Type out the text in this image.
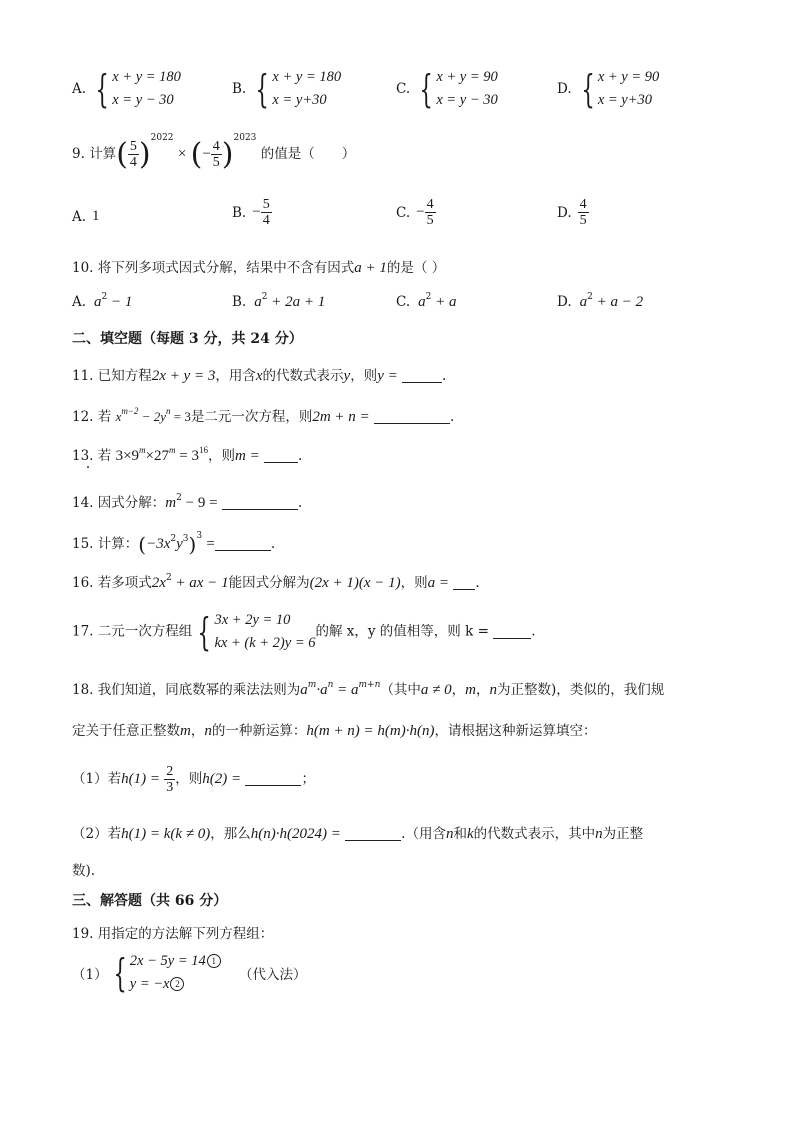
A. { x + y = 180
x = y − 30
B. { x + y = 180
x = y+30
C. { x + y = 90
x = y − 30
D. { x + y = 90
x = y+30
9. 计算( $\frac{5}{4} )^{2022}$ × (− $\frac{4}{5} )^{2023}$ 的值是（　　）
A. 1	B. − $\frac{5}{4}$	C. − $\frac{4}{5}$	D. $\frac{4}{5}$
10. 将下列多项式因式分解，结果中不含有因式a + 1的是（ ）
A. $a^2 - 1$	B. $a^2 + 2a + 1$	C. $a^2 + a$	D. $a^2 + a - 2$
二、填空题（每题 3 分，共 24 分）
11. 已知方程2x + y = 3，用含x的代数式表示y，则y =	.
12. 若 $x^{m-2} - 2y^n = 3$是二元一次方程，则2m + n =	.
13. 若 $3\times 9^m\times 27^m = 3^{16}$，则m =	.
14. 因式分解：$m^2 - 9$ =	.
15. 计算：$(-3x^2y^3)^3$ =	.
16. 若多项式$2x^2$ + ax − 1能因式分解为(2x + 1)(x − 1)，则a = .
17. 二元一次方程组 { 3x + 2y = 10
kx + (k + 2)y = 6
的解 x，y 的值相等，则 k =	.
18. 我们知道，同底数幂的乘法法则为$a^m\cdot a^n = a^{m+n}$（其中a ≠ 0，m，n为正整数)，类似的，我们规
定关于任意正整数m，n的一种新运算：h(m + n) = h(m)·h(n)，请根据这种新运算填空：
（1）若$h(1) = \frac{2}{3}$ ，则h(2) =	；
（2）若h(1) = k(k ≠ 0)，那么h(n)·h(2024) =	.（用含n和k的代数式表示，其中n为正整
数).
三、解答题（共 66 分）
19. 用指定的方法解下列方程组：
（1） { 2x − 5y = 14 1
y = −x 2
（代入法）
